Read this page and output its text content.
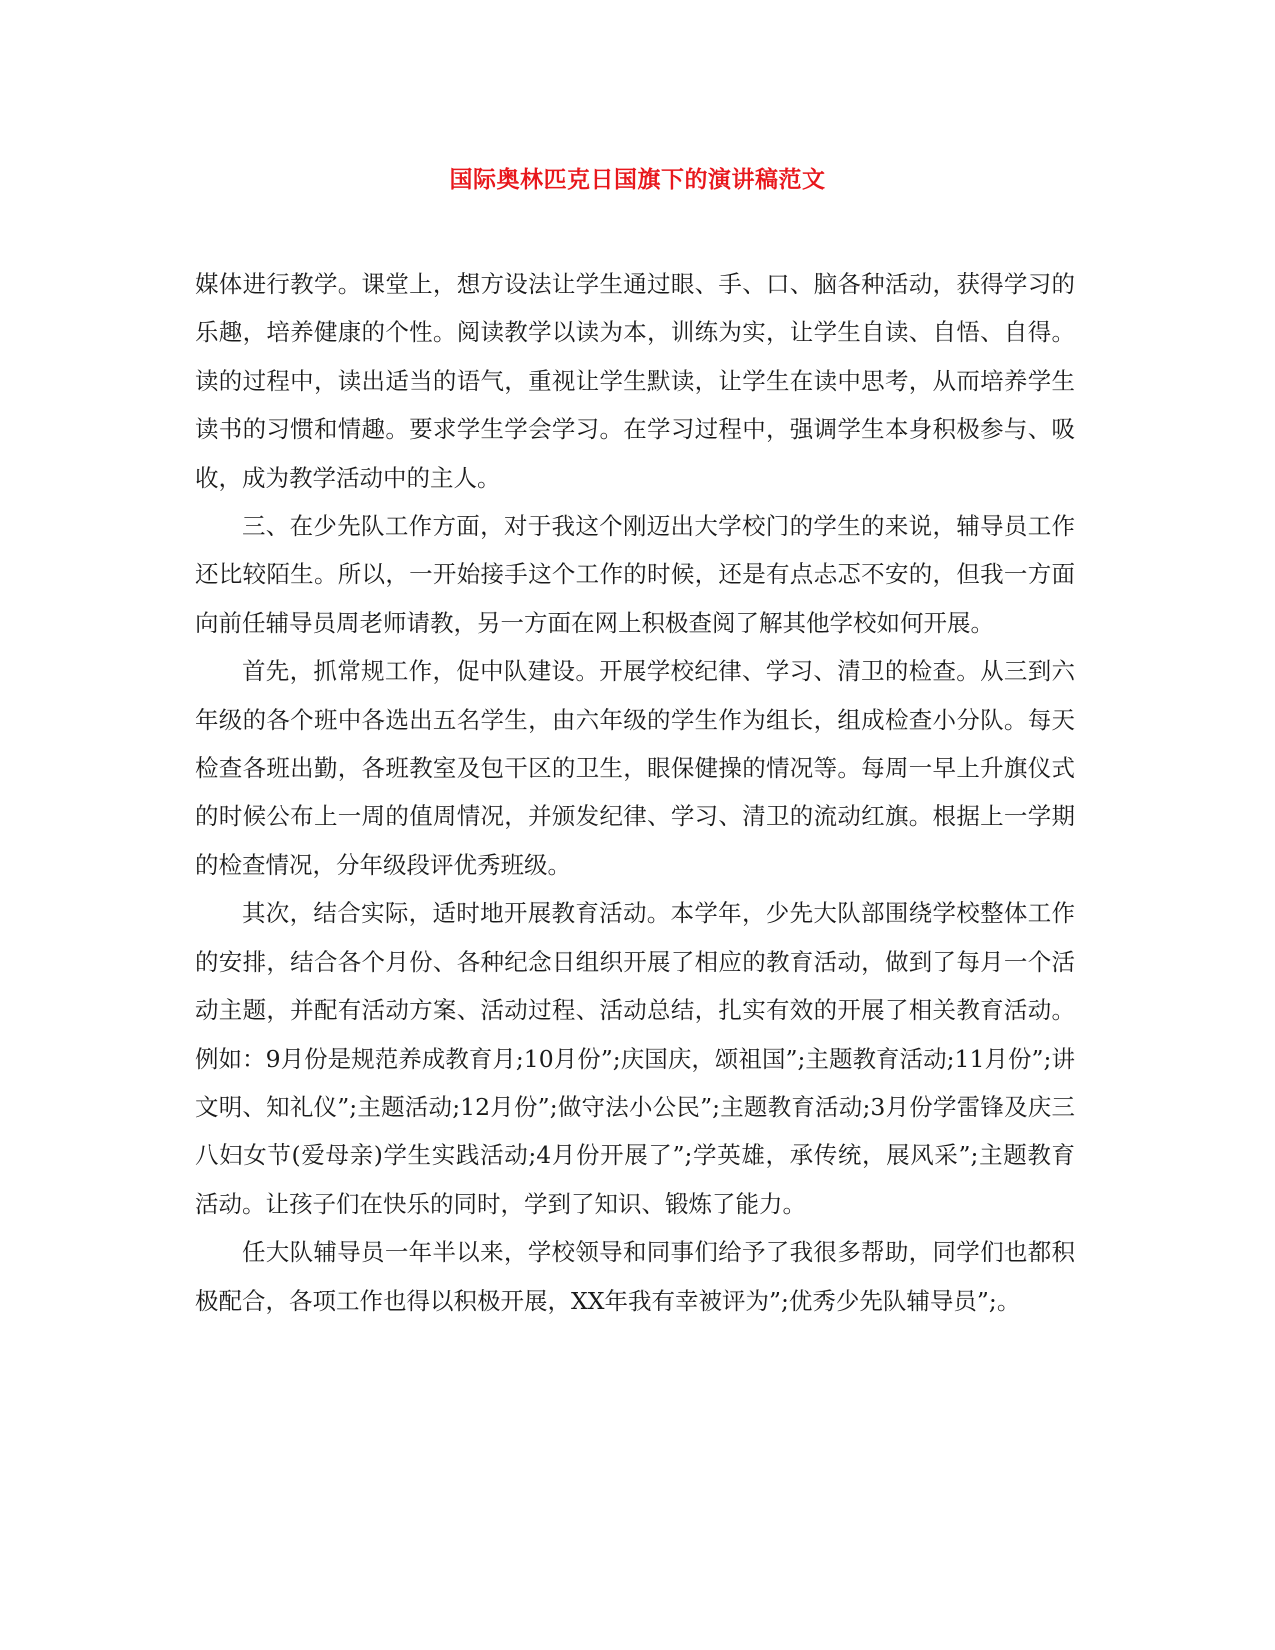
国际奥林匹克日国旗下的演讲稿范文

媒体进行教学。课堂上，想方设法让学生通过眼、手、口、脑各种活动，获得学习的乐趣，培养健康的个性。阅读教学以读为本，训练为实，让学生自读、自悟、自得。读的过程中，读出适当的语气，重视让学生默读，让学生在读中思考，从而培养学生读书的习惯和情趣。要求学生学会学习。在学习过程中，强调学生本身积极参与、吸收，成为教学活动中的主人。

三、在少先队工作方面，对于我这个刚迈出大学校门的学生的来说，辅导员工作还比较陌生。所以，一开始接手这个工作的时候，还是有点忐忑不安的，但我一方面向前任辅导员周老师请教，另一方面在网上积极查阅了解其他学校如何开展。

首先，抓常规工作，促中队建设。开展学校纪律、学习、清卫的检查。从三到六年级的各个班中各选出五名学生，由六年级的学生作为组长，组成检查小分队。每天检查各班出勤，各班教室及包干区的卫生，眼保健操的情况等。每周一早上升旗仪式的时候公布上一周的值周情况，并颁发纪律、学习、清卫的流动红旗。根据上一学期的检查情况，分年级段评优秀班级。

其次，结合实际，适时地开展教育活动。本学年，少先大队部围绕学校整体工作的安排，结合各个月份、各种纪念日组织开展了相应的教育活动，做到了每月一个活动主题，并配有活动方案、活动过程、活动总结，扎实有效的开展了相关教育活动。例如：9月份是规范养成教育月;10月份”;庆国庆，颂祖国”;主题教育活动;11月份”;讲文明、知礼仪”;主题活动;12月份”;做守法小公民”;主题教育活动;3月份学雷锋及庆三八妇女节(爱母亲)学生实践活动;4月份开展了”;学英雄，承传统，展风采”;主题教育活动。让孩子们在快乐的同时，学到了知识、锻炼了能力。

任大队辅导员一年半以来，学校领导和同事们给予了我很多帮助，同学们也都积极配合，各项工作也得以积极开展，XX年我有幸被评为”;优秀少先队辅导员”;。
